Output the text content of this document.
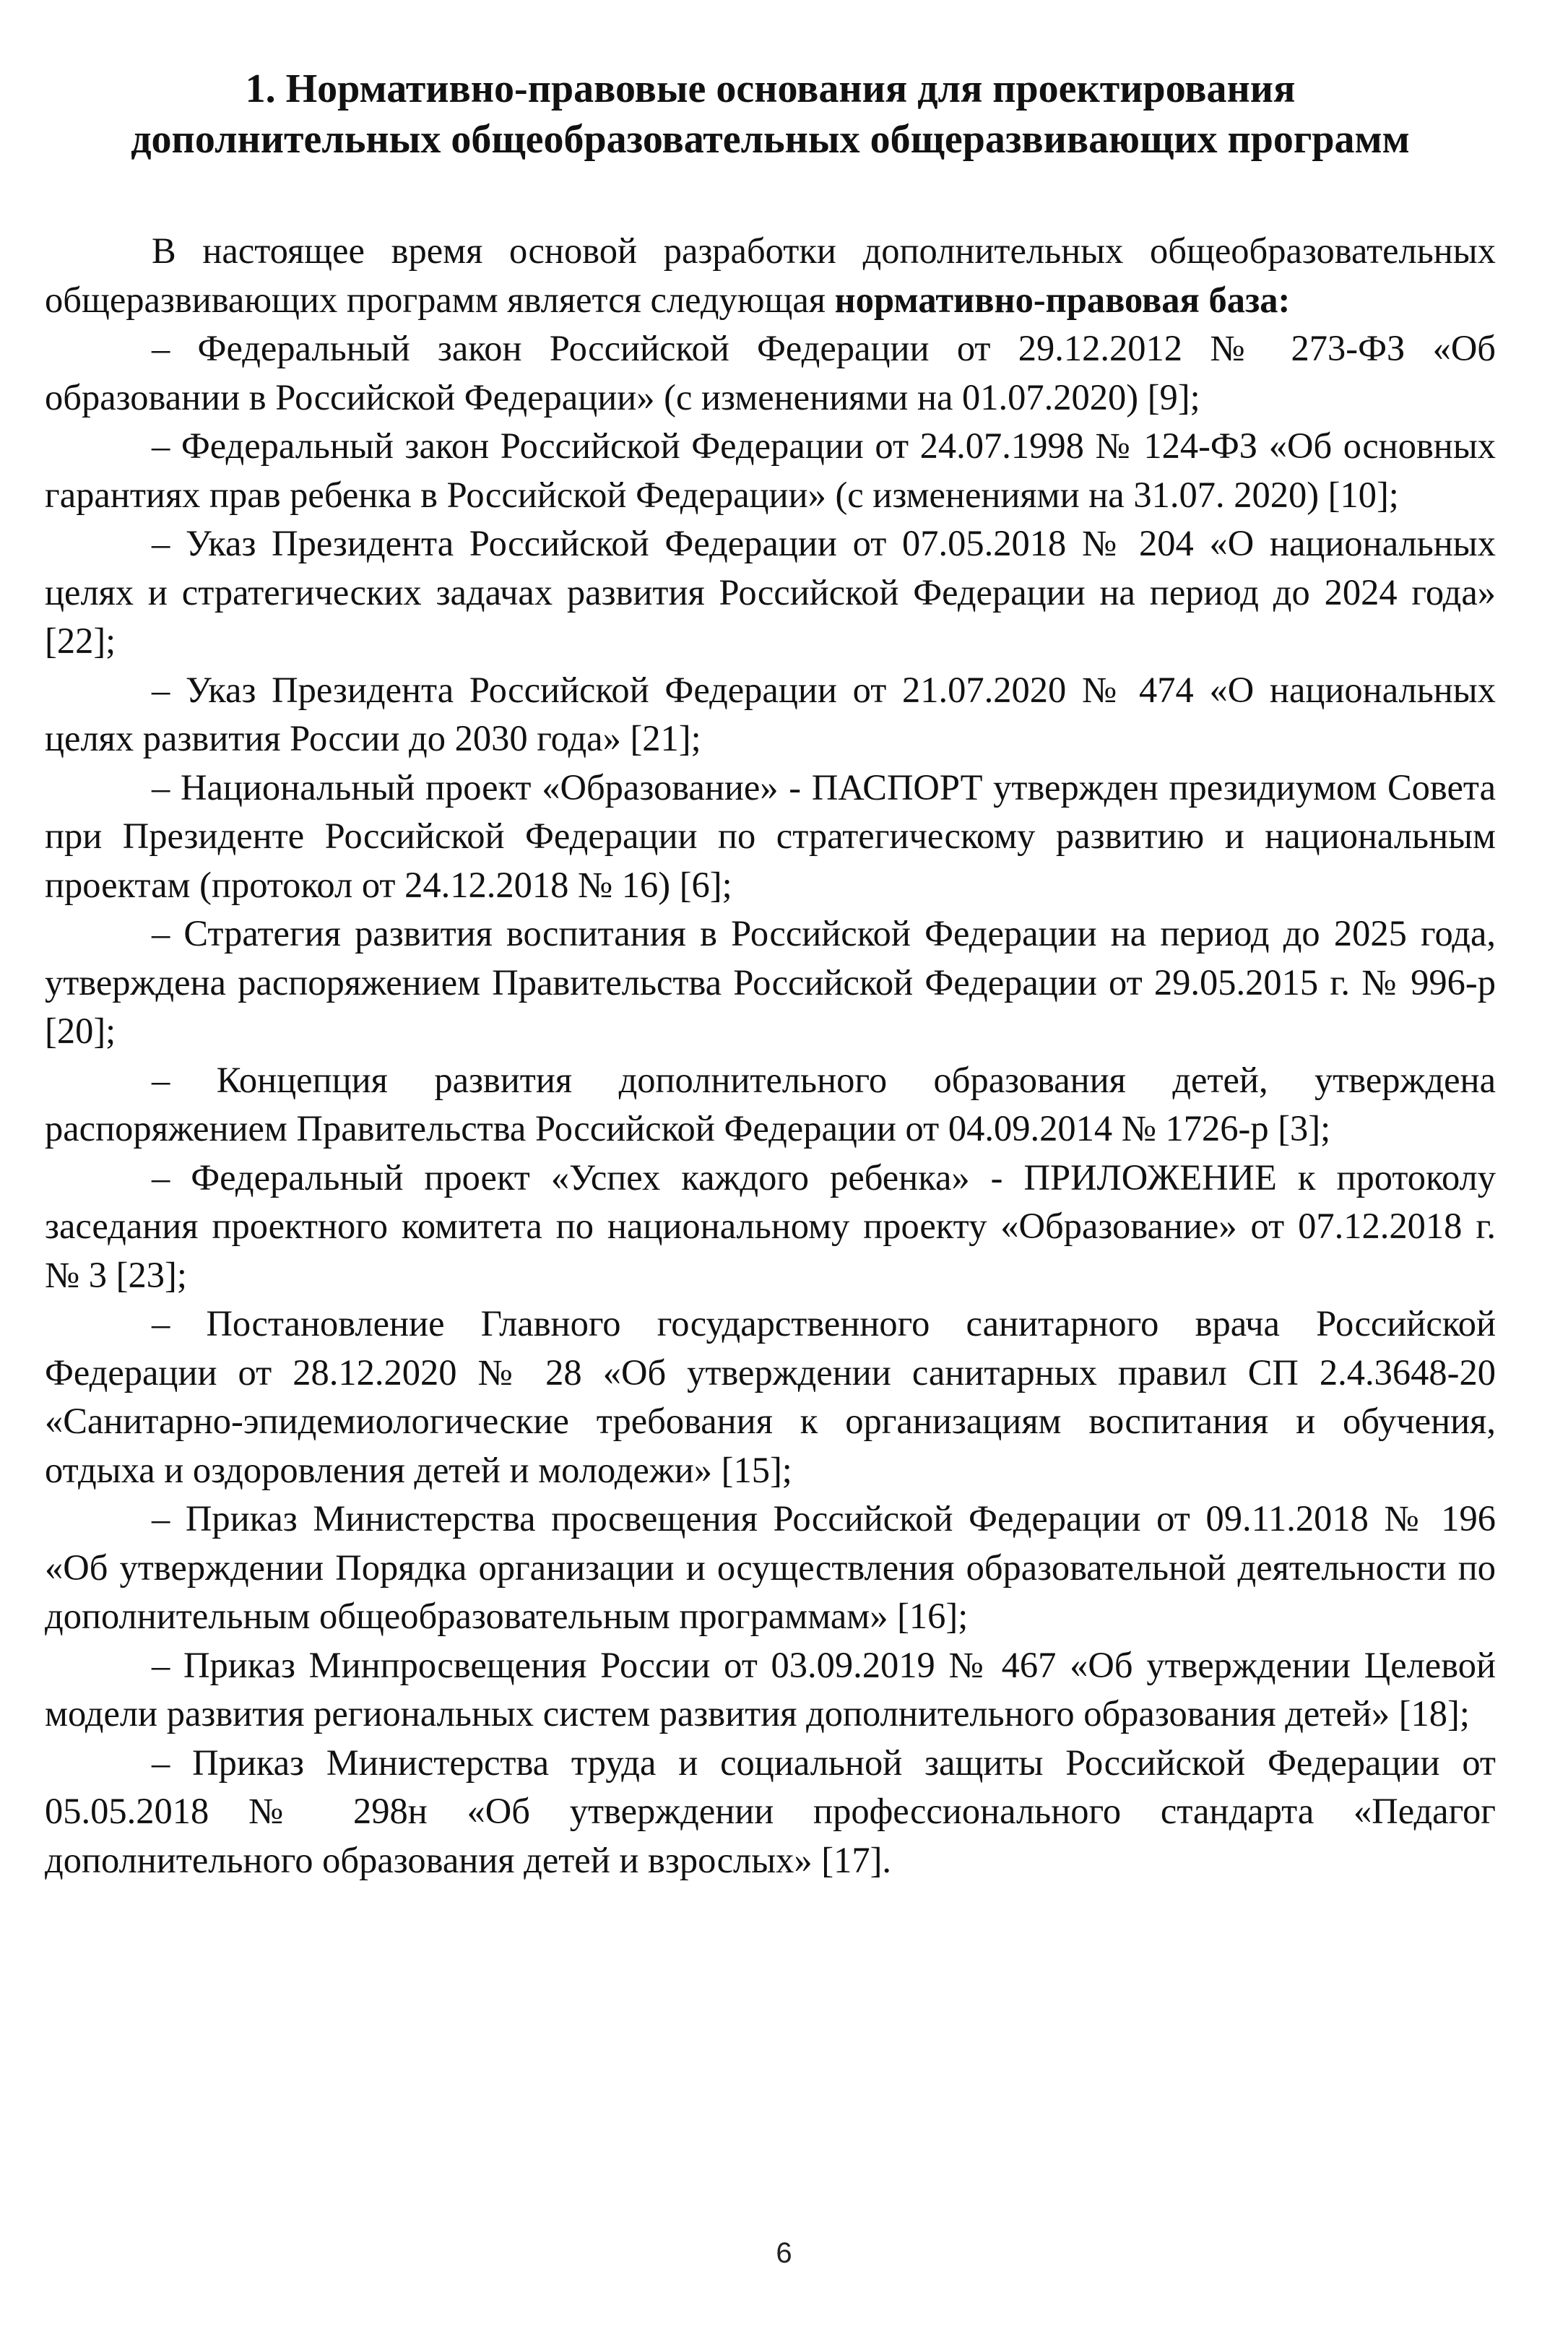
1. Нормативно-правовые основания для проектирования
дополнительных общеобразовательных общеразвивающих программ

В настоящее время основой разработки дополнительных общеобразовательных общеразвивающих программ является следующая нормативно-правовая база:

– Федеральный закон Российской Федерации от 29.12.2012 № 273-ФЗ «Об образовании в Российской Федерации» (с изменениями на 01.07.2020) [9];

– Федеральный закон Российской Федерации от 24.07.1998 № 124-ФЗ «Об основных гарантиях прав ребенка в Российской Федерации» (с изменениями на 31.07. 2020) [10];

– Указ Президента Российской Федерации от 07.05.2018 № 204 «О национальных целях и стратегических задачах развития Российской Федерации на период до 2024 года» [22];

– Указ Президента Российской Федерации от 21.07.2020 № 474 «О национальных целях развития России до 2030 года» [21];

– Национальный проект «Образование» - ПАСПОРТ утвержден президиумом Совета при Президенте Российской Федерации по стратегическому развитию и национальным проектам (протокол от 24.12.2018 № 16) [6];

– Стратегия развития воспитания в Российской Федерации на период до 2025 года, утверждена распоряжением Правительства Российской Федерации от 29.05.2015 г. № 996-р [20];

– Концепция развития дополнительного образования детей, утверждена распоряжением Правительства Российской Федерации от 04.09.2014 № 1726-р [3];

– Федеральный проект «Успех каждого ребенка» - ПРИЛОЖЕНИЕ к протоколу заседания проектного комитета по национальному проекту «Образование» от 07.12.2018 г. № 3 [23];

– Постановление Главного государственного санитарного врача Российской Федерации от 28.12.2020 № 28 «Об утверждении санитарных правил СП 2.4.3648-20 «Санитарно-эпидемиологические требования к организациям воспитания и обучения, отдыха и оздоровления детей и молодежи» [15];

– Приказ Министерства просвещения Российской Федерации от 09.11.2018 № 196 «Об утверждении Порядка организации и осуществления образовательной деятельности по дополнительным общеобразовательным программам» [16];

– Приказ Минпросвещения России от 03.09.2019 № 467 «Об утверждении Целевой модели развития региональных систем развития дополнительного образования детей» [18];

– Приказ Министерства труда и социальной защиты Российской Федерации от 05.05.2018 № 298н «Об утверждении профессионального стандарта «Педагог дополнительного образования детей и взрослых» [17].

6
